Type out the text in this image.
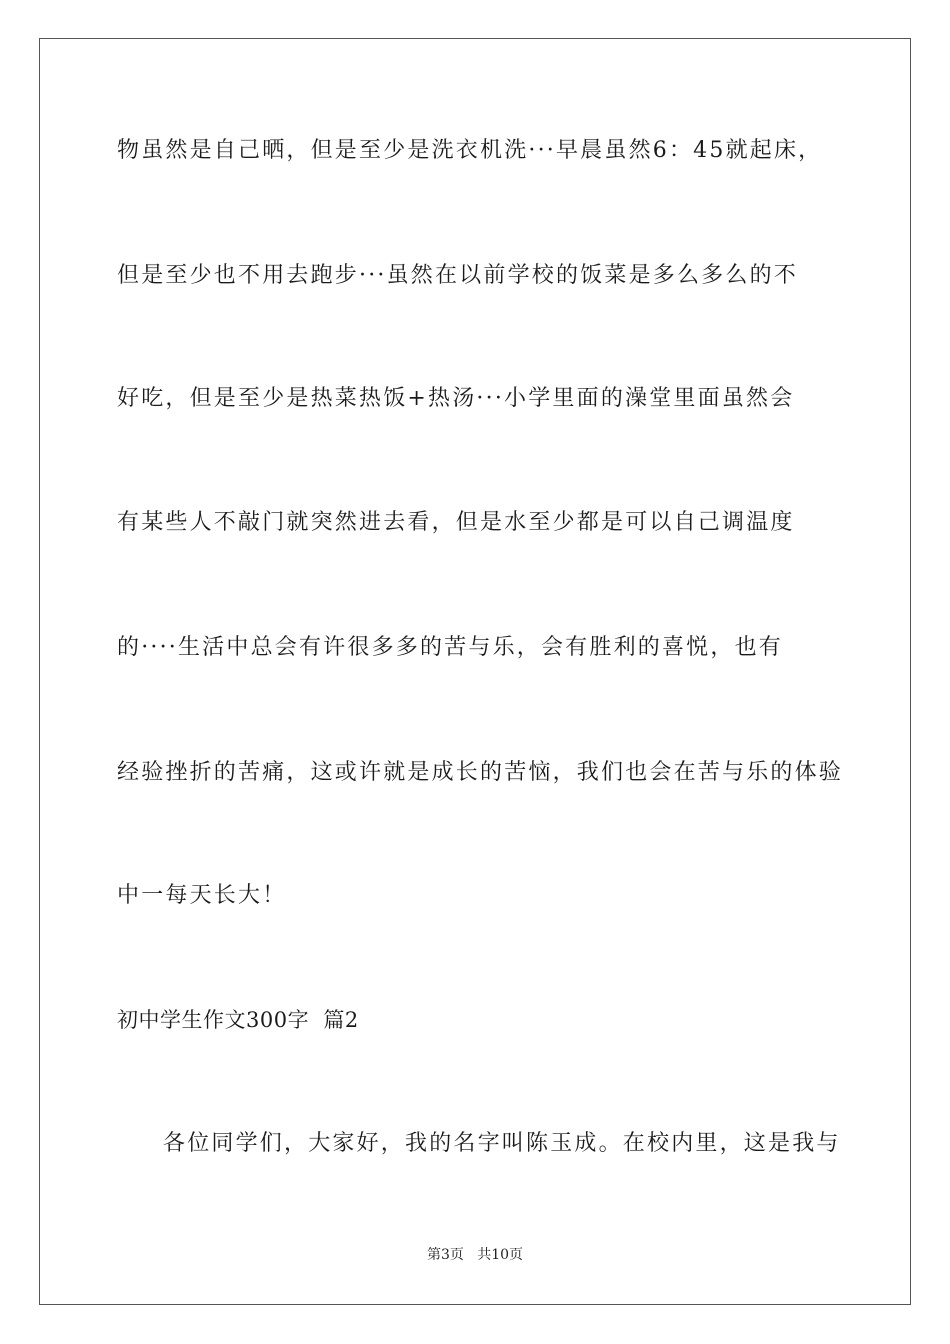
物虽然是自己晒，但是至少是洗衣机洗···早晨虽然6：45就起床，
但是至少也不用去跑步···虽然在以前学校的饭菜是多么多么的不
好吃，但是至少是热菜热饭+热汤···小学里面的澡堂里面虽然会
有某些人不敲门就突然进去看，但是水至少都是可以自己调温度
的····生活中总会有许很多多的苦与乐，会有胜利的喜悦，也有
经验挫折的苦痛，这或许就是成长的苦恼，我们也会在苦与乐的体验
中一每天长大！
初中学生作文300字  篇2
各位同学们，大家好，我的名字叫陈玉成。在校内里，这是我与
第3页   共10页
